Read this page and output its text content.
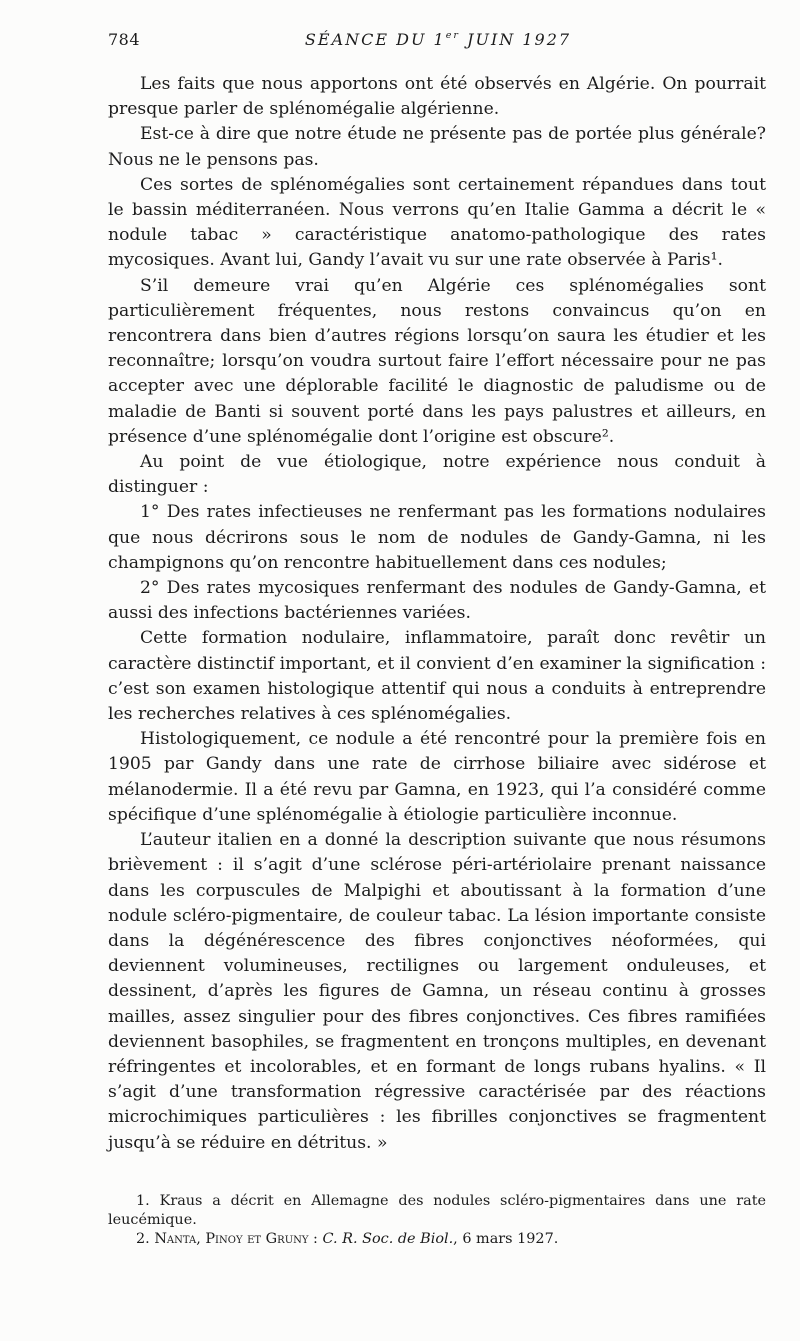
784	SÉANCE DU 1er JUIN 1927

Les faits que nous apportons ont été observés en Algérie. On pourrait presque parler de splénomégalie algérienne.

Est-ce à dire que notre étude ne présente pas de portée plus générale? Nous ne le pensons pas.

Ces sortes de splénomégalies sont certainement répandues dans tout le bassin méditerranéen. Nous verrons qu’en Italie Gamma a décrit le « nodule tabac » caractéristique anatomo-pathologique des rates mycosiques. Avant lui, Gandy l’avait vu sur une rate observée à Paris¹.

S’il demeure vrai qu’en Algérie ces splénomégalies sont particulièrement fréquentes, nous restons convaincus qu’on en rencontrera dans bien d’autres régions lorsqu’on saura les étudier et les reconnaître; lorsqu’on voudra surtout faire l’effort nécessaire pour ne pas accepter avec une déplorable facilité le diagnostic de paludisme ou de maladie de Banti si souvent porté dans les pays palustres et ailleurs, en présence d’une splénomégalie dont l’origine est obscure².

Au point de vue étiologique, notre expérience nous conduit à distinguer :

1° Des rates infectieuses ne renfermant pas les formations nodulaires que nous décrirons sous le nom de nodules de Gandy-Gamna, ni les champignons qu’on rencontre habituellement dans ces nodules;

2° Des rates mycosiques renfermant des nodules de Gandy-Gamna, et aussi des infections bactériennes variées.

Cette formation nodulaire, inflammatoire, paraît donc revêtir un caractère distinctif important, et il convient d’en examiner la signification : c’est son examen histologique attentif qui nous a conduits à entreprendre les recherches relatives à ces splénomégalies.

Histologiquement, ce nodule a été rencontré pour la première fois en 1905 par Gandy dans une rate de cirrhose biliaire avec sidérose et mélanodermie. Il a été revu par Gamna, en 1923, qui l’a considéré comme spécifique d’une splénomégalie à étiologie particulière inconnue.

L’auteur italien en a donné la description suivante que nous résumons brièvement : il s’agit d’une sclérose péri-artériolaire prenant naissance dans les corpuscules de Malpighi et aboutissant à la formation d’une nodule scléro-pigmentaire, de couleur tabac. La lésion importante consiste dans la dégénérescence des fibres conjonctives néoformées, qui deviennent volumineuses, rectilignes ou largement onduleuses, et dessinent, d’après les figures de Gamna, un réseau continu à grosses mailles, assez singulier pour des fibres conjonctives. Ces fibres ramifiées deviennent basophiles, se fragmentent en tronçons multiples, en devenant réfringentes et incolorables, et en formant de longs rubans hyalins. « Il s’agit d’une transformation régressive caractérisée par des réactions microchimiques particulières : les fibrilles conjonctives se fragmentent jusqu’à se réduire en détritus. »

1. Kraus a décrit en Allemagne des nodules scléro-pigmentaires dans une rate leucémique.

2. Nanta, Pinoy et Gruny : C. R. Soc. de Biol., 6 mars 1927.
